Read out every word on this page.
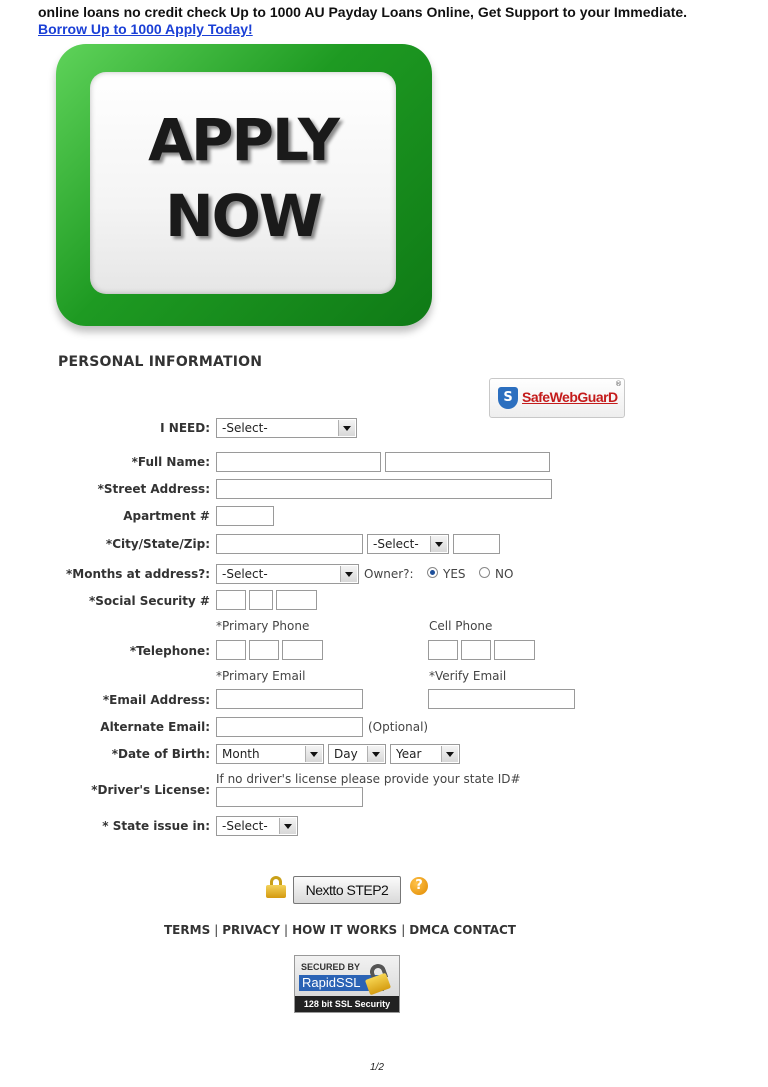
online loans no credit check Up to 1000 AU Payday Loans Online, Get Support to your Immediate.
Borrow Up to 1000 Apply Today!
APPLY
NOW
PERSONAL INFORMATION
S SafeWebGuarD
®
I NEED:	-Select-
*Full Name:
*Street Address:
Apartment #
*City/State/Zip:	-Select-
*Months at address?:	-Select-	Owner?: YES NO
*Social Security #
*Primary Phone	Cell Phone
*Telephone:
*Primary Email	*Verify Email
*Email Address:
Alternate Email:	(Optional)
*Date of Birth:	Month	Day	Year
If no driver's license please provide your state ID#
*Driver's License:
* State issue in:	-Select-
Nextto STEP2	?
TERMS | PRIVACY | HOW IT WORKS | DMCA CONTACT
SECURED BY
RapidSSL
128 bit SSL Security
1/2
